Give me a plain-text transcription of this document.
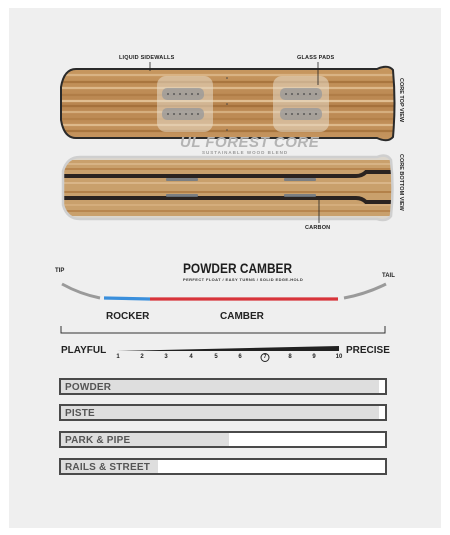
LIQUID SIDEWALLS	GLASS PADS
CORE TOP VIEW
UL FOREST CORE
SUSTAINABLE WOOD BLEND
CORE BOTTOM VIEW
CARBON
POWDER CAMBER
PERFECT FLOAT / EASY TURNS / SOLID EDGE-HOLD
TIP
TAIL
ROCKER	CAMBER
PLAYFUL	PRECISE
1	2	3	4	5	6	7	8	9	10
POWDER
PISTE
PARK & PIPE
RAILS & STREET
